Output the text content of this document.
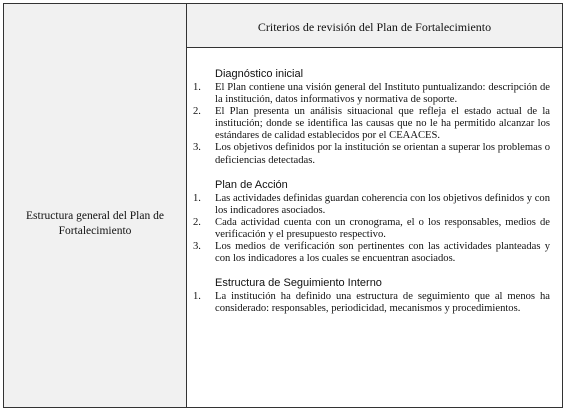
Estructura general del Plan de Fortalecimiento
Criterios de revisión del Plan de Fortalecimiento
Diagnóstico inicial
1. El Plan contiene una visión general del Instituto puntualizando: descripción de la institución, datos informativos y normativa de soporte.
2. El Plan presenta un análisis situacional que refleja el estado actual de la institución; donde se identifica las causas que no le ha permitido alcanzar los estándares de calidad establecidos por el CEAACES.
3. Los objetivos definidos por la institución se orientan a superar los problemas o deficiencias detectadas.
Plan de Acción
1. Las actividades definidas guardan coherencia con los objetivos definidos y con los indicadores asociados.
2. Cada actividad cuenta con un cronograma, el o los responsables, medios de verificación y el presupuesto respectivo.
3. Los medios de verificación son pertinentes con las actividades planteadas y con los indicadores a los cuales se encuentran asociados.
Estructura de Seguimiento Interno
1. La institución ha definido una estructura de seguimiento que al menos ha considerado: responsables, periodicidad, mecanismos y procedimientos.
